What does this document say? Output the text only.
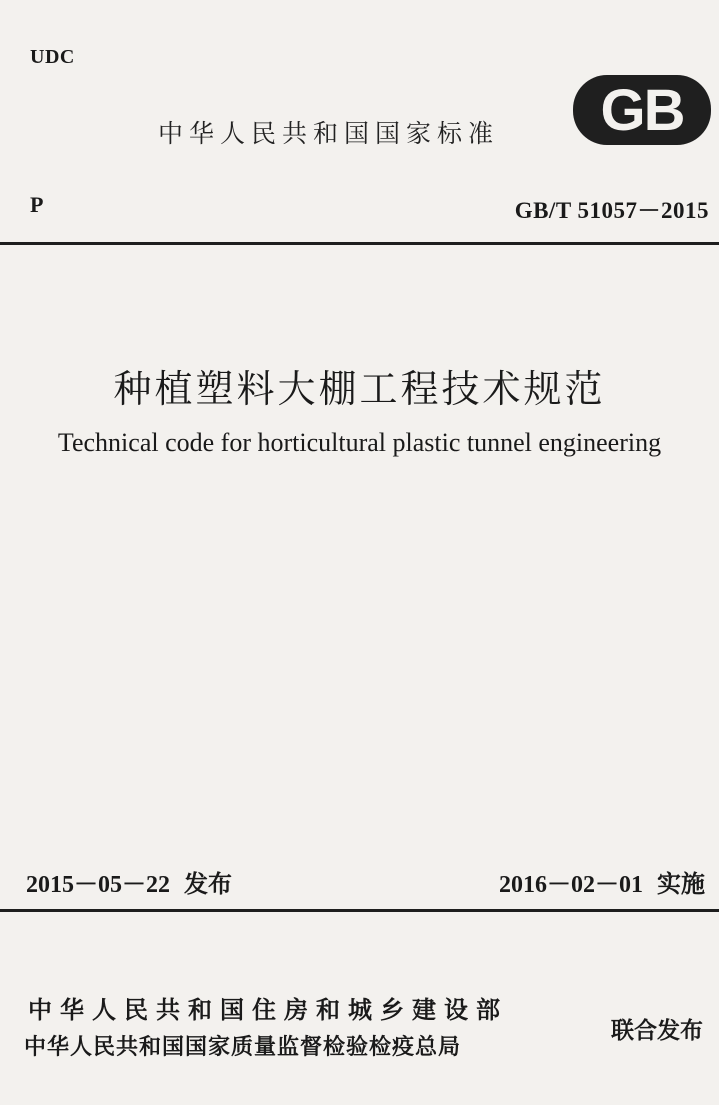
UDC
中华人民共和国国家标准 GB
P	GB/T 51057－2015
种植塑料大棚工程技术规范
Technical code for horticultural plastic tunnel engineering
2015－05－22 发布	2016－02－01 实施
中华人民共和国住房和城乡建设部
中华人民共和国国家质量监督检验检疫总局
联合发布
